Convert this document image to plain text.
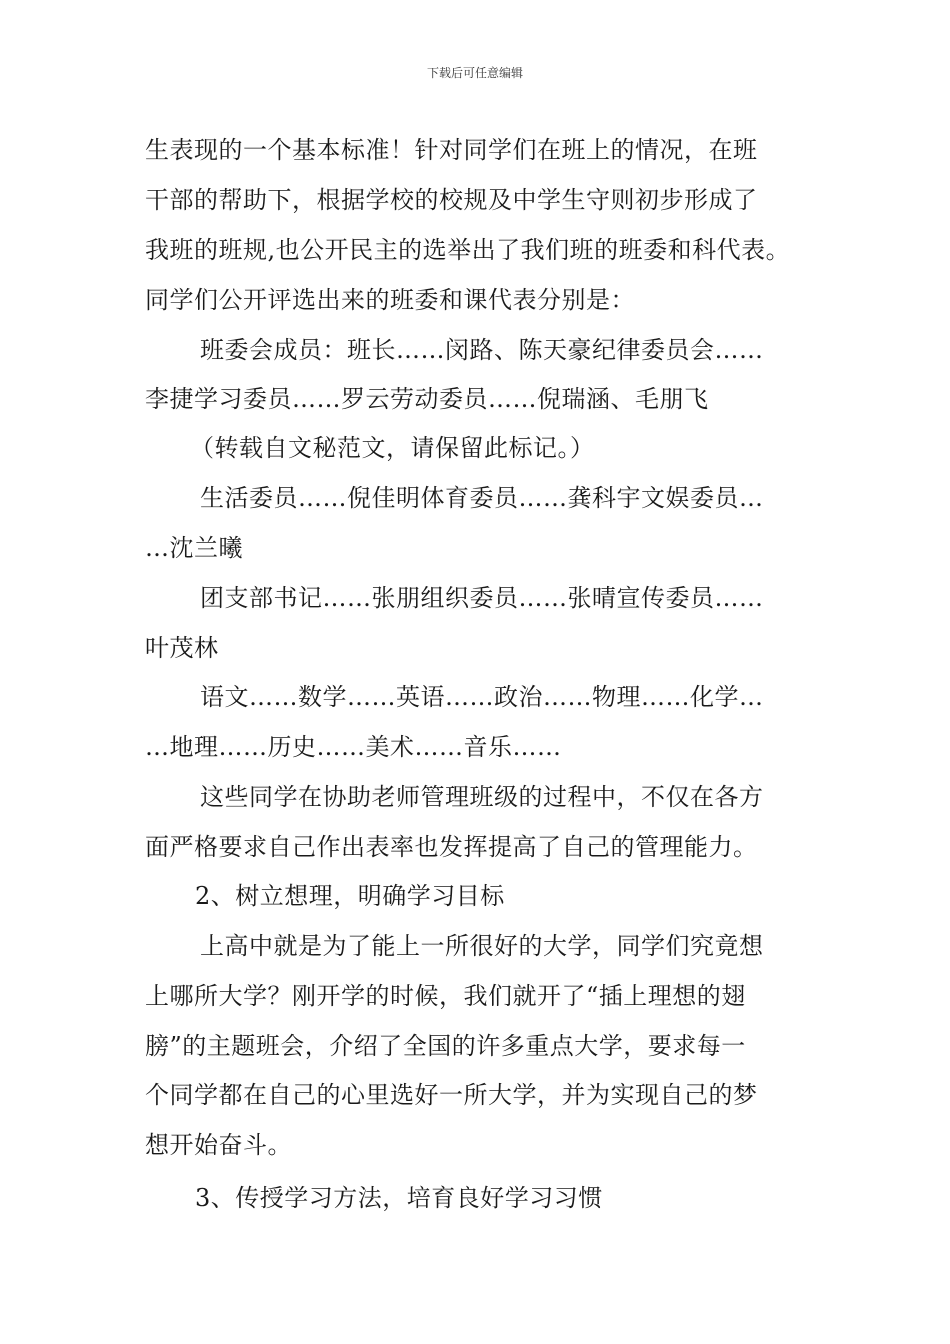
下载后可任意编辑
生表现的一个基本标准！针对同学们在班上的情况，在班
干部的帮助下，根据学校的校规及中学生守则初步形成了
我班的班规,也公开民主的选举出了我们班的班委和科代表。
同学们公开评选出来的班委和课代表分别是：
班委会成员：班长……闵路、陈天豪纪律委员会……
李捷学习委员……罗云劳动委员……倪瑞涵、毛朋飞
（转载自文秘范文，请保留此标记。）
生活委员……倪佳明体育委员……龚科宇文娱委员…
…沈兰曦
团支部书记……张朋组织委员……张晴宣传委员……
叶茂林
语文……数学……英语……政治……物理……化学…
…地理……历史……美术……音乐……
这些同学在协助老师管理班级的过程中，不仅在各方
面严格要求自己作出表率也发挥提高了自己的管理能力。
2、树立想理，明确学习目标
上高中就是为了能上一所很好的大学，同学们究竟想
上哪所大学？刚开学的时候，我们就开了“插上理想的翅
膀”的主题班会，介绍了全国的许多重点大学，要求每一
个同学都在自己的心里选好一所大学，并为实现自己的梦
想开始奋斗。
3、传授学习方法，培育良好学习习惯
